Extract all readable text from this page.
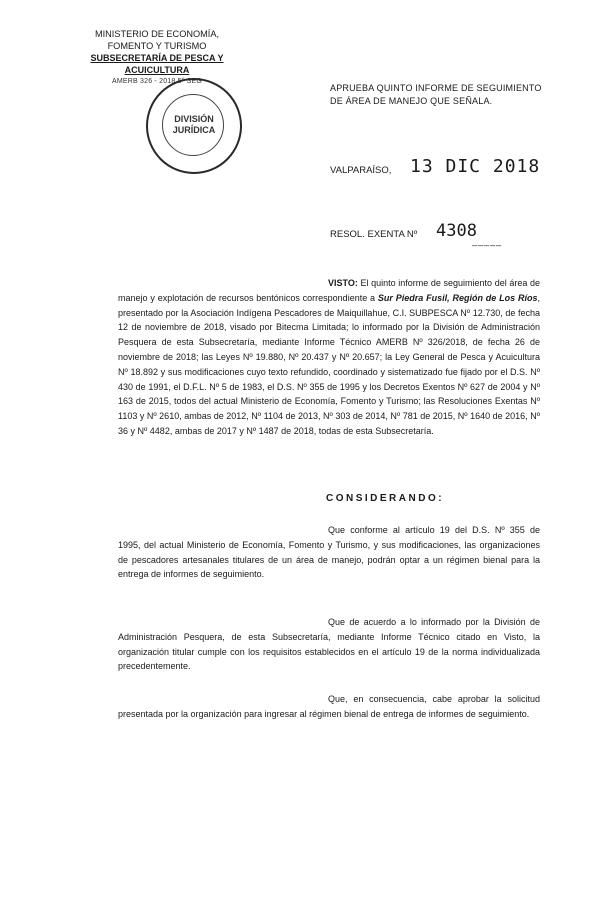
MINISTERIO DE ECONOMÍA,
FOMENTO Y TURISMO
SUBSECRETARÍA DE PESCA Y ACUICULTURA
AMERB 326 - 2018 5º SEG
DIVISIÓN
JURÍDICA
APRUEBA QUINTO INFORME DE SEGUIMIENTO DE ÁREA DE MANEJO QUE SEÑALA.
VALPARAÍSO, 13 DIC 2018
RESOL. EXENTA Nº 4308
_____
VISTO: El quinto informe de seguimiento del área de manejo y explotación de recursos bentónicos correspondiente a Sur Piedra Fusil, Región de Los Ríos, presentado por la Asociación Indígena Pescadores de Maiquillahue, C.I. SUBPESCA Nº 12.730, de fecha 12 de noviembre de 2018, visado por Bitecma Limitada; lo informado por la División de Administración Pesquera de esta Subsecretaría, mediante Informe Técnico AMERB Nº 326/2018, de fecha 26 de noviembre de 2018; las Leyes Nº 19.880, Nº 20.437 y Nº 20.657; la Ley General de Pesca y Acuicultura Nº 18.892 y sus modificaciones cuyo texto refundido, coordinado y sistematizado fue fijado por el D.S. Nº 430 de 1991, el D.F.L. Nº 5 de 1983, el D.S. Nº 355 de 1995 y los Decretos Exentos Nº 627 de 2004 y Nº 163 de 2015, todos del actual Ministerio de Economía, Fomento y Turismo; las Resoluciones Exentas Nº 1103 y Nº 2610, ambas de 2012, Nº 1104 de 2013, Nº 303 de 2014, Nº 781 de 2015, Nº 1640 de 2016, Nº 36 y Nº 4482, ambas de 2017 y Nº 1487 de 2018, todas de esta Subsecretaría.
CONSIDERANDO:
Que conforme al artículo 19 del D.S. Nº 355 de 1995, del actual Ministerio de Economía, Fomento y Turismo, y sus modificaciones, las organizaciones de pescadores artesanales titulares de un área de manejo, podrán optar a un régimen bienal para la entrega de informes de seguimiento.
Que de acuerdo a lo informado por la División de Administración Pesquera, de esta Subsecretaría, mediante Informe Técnico citado en Visto, la organización titular cumple con los requisitos establecidos en el artículo 19 de la norma individualizada precedentemente.
Que, en consecuencia, cabe aprobar la solicitud presentada por la organización para ingresar al régimen bienal de entrega de informes de seguimiento.
